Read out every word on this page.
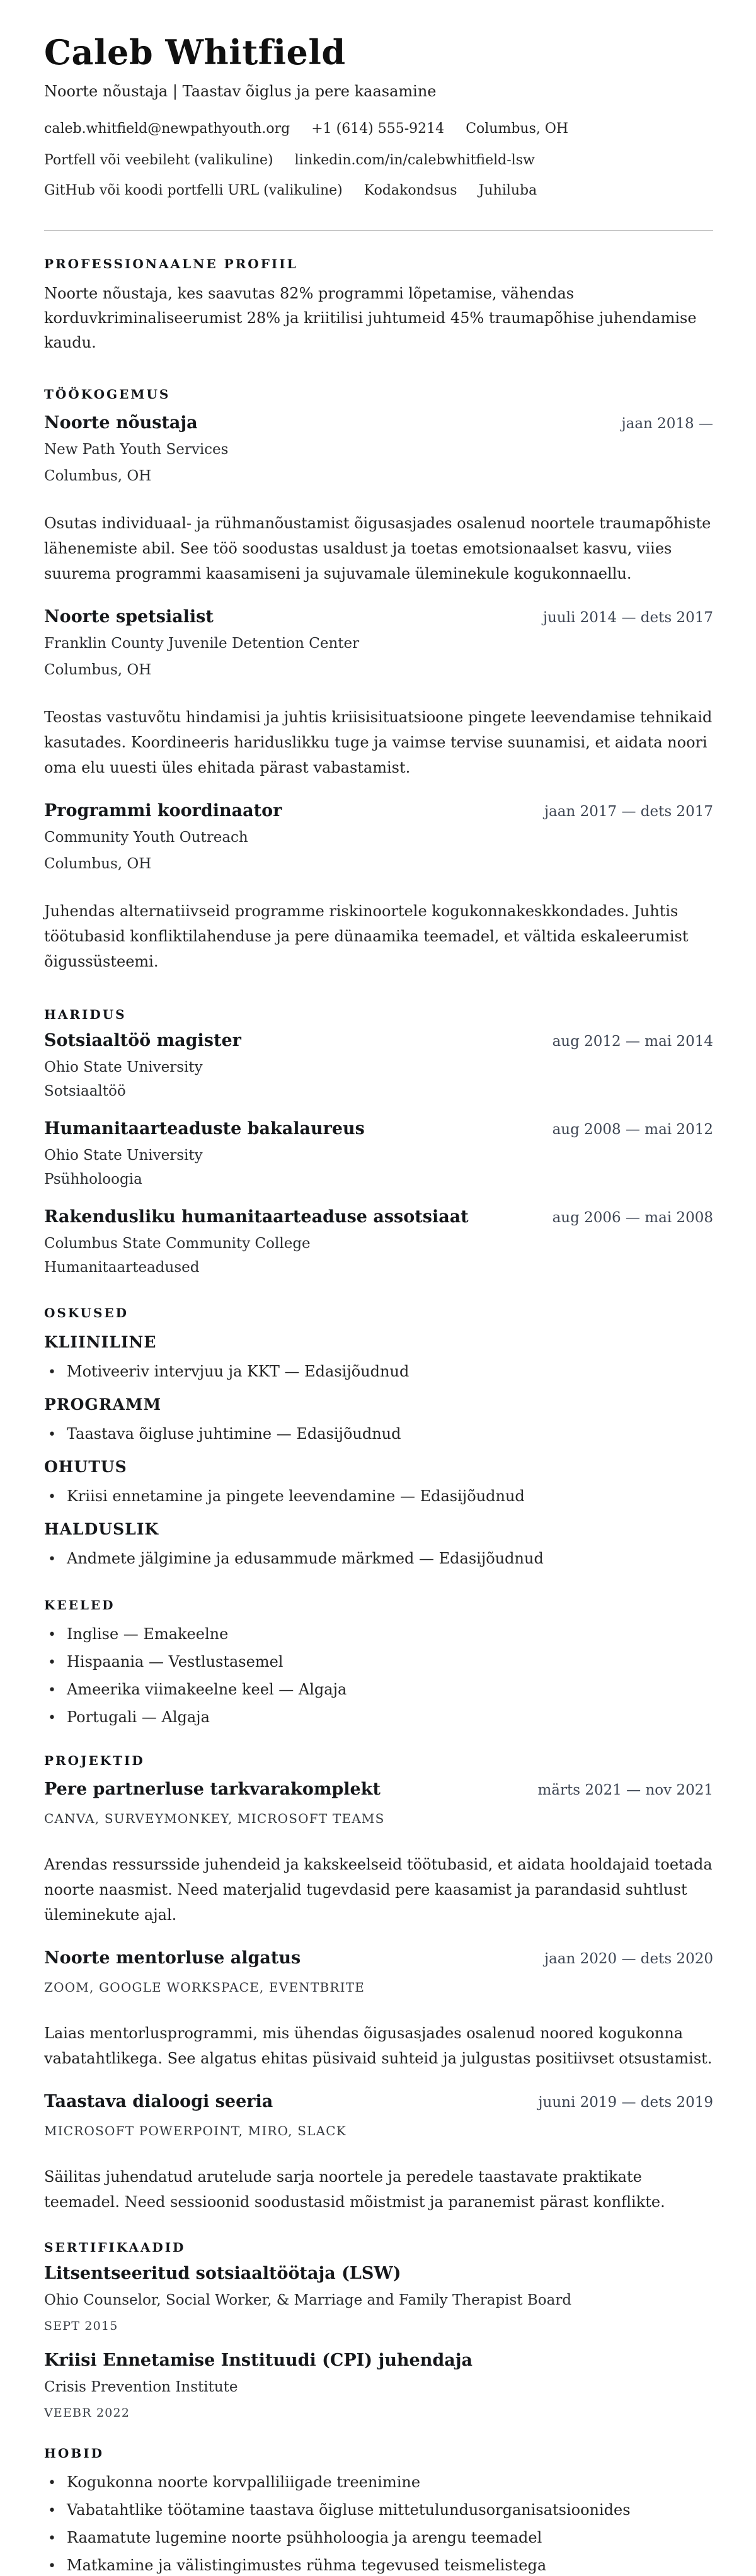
Caleb Whitfield
Noorte nõustaja | Taastav õiglus ja pere kaasamine
caleb.whitfield@newpathyouth.org +1 (614) 555-9214 Columbus, OH
Portfell või veebileht (valikuline) linkedin.com/in/calebwhitfield-lsw
GitHub või koodi portfelli URL (valikuline) Kodakondsus Juhiluba
PROFESSIONAALNE PROFIIL
Noorte nõustaja, kes saavutas 82% programmi lõpetamise, vähendas korduvkriminaliseerumist 28% ja kriitilisi juhtumeid 45% traumapõhise juhendamise kaudu.
TÖÖKOGEMUS
Noorte nõustaja	jaan 2018 —
New Path Youth Services
Columbus, OH
Osutas individuaal- ja rühmanõustamist õigusasjades osalenud noortele traumapõhiste lähenemiste abil. See töö soodustas usaldust ja toetas emotsionaalset kasvu, viies suurema programmi kaasamiseni ja sujuvamale üleminekule kogukonnaellu.
Noorte spetsialist	juuli 2014 — dets 2017
Franklin County Juvenile Detention Center
Columbus, OH
Teostas vastuvõtu hindamisi ja juhtis kriisisituatsioone pingete leevendamise tehnikaid kasutades. Koordineeris hariduslikku tuge ja vaimse tervise suunamisi, et aidata noori oma elu uuesti üles ehitada pärast vabastamist.
Programmi koordinaator	jaan 2017 — dets 2017
Community Youth Outreach
Columbus, OH
Juhendas alternatiivseid programme riskinoortele kogukonnakeskkondades. Juhtis töötubasid konfliktilahenduse ja pere dünaamika teemadel, et vältida eskaleerumist õigussüsteemi.
HARIDUS
Sotsiaaltöö magister	aug 2012 — mai 2014
Ohio State University
Sotsiaaltöö
Humanitaarteaduste bakalaureus	aug 2008 — mai 2012
Ohio State University
Psühholoogia
Rakendusliku humanitaarteaduse assotsiaat	aug 2006 — mai 2008
Columbus State Community College
Humanitaarteadused
OSKUSED
KLIINILINE
• Motiveeriv intervjuu ja KKT — Edasijõudnud
PROGRAMM
• Taastava õigluse juhtimine — Edasijõudnud
OHUTUS
• Kriisi ennetamine ja pingete leevendamine — Edasijõudnud
HALDUSLIK
• Andmete jälgimine ja edusammude märkmed — Edasijõudnud
KEELED
• Inglise — Emakeelne
• Hispaania — Vestlustasemel
• Ameerika viimakeelne keel — Algaja
• Portugali — Algaja
PROJEKTID
Pere partnerluse tarkvarakomplekt	märts 2021 — nov 2021
CANVA, SURVEYMONKEY, MICROSOFT TEAMS
Arendas ressursside juhendeid ja kakskeelseid töötubasid, et aidata hooldajaid toetada noorte naasmist. Need materjalid tugevdasid pere kaasamist ja parandasid suhtlust üleminekute ajal.
Noorte mentorluse algatus	jaan 2020 — dets 2020
ZOOM, GOOGLE WORKSPACE, EVENTBRITE
Laias mentorlusprogrammi, mis ühendas õigusasjades osalenud noored kogukonna vabatahtlikega. See algatus ehitas püsivaid suhteid ja julgustas positiivset otsustamist.
Taastava dialoogi seeria	juuni 2019 — dets 2019
MICROSOFT POWERPOINT, MIRO, SLACK
Säilitas juhendatud arutelude sarja noortele ja peredele taastavate praktikate teemadel. Need sessioonid soodustasid mõistmist ja paranemist pärast konflikte.
SERTIFIKAADID
Litsentseeritud sotsiaaltöötaja (LSW)
Ohio Counselor, Social Worker, & Marriage and Family Therapist Board
SEPT 2015
Kriisi Ennetamise Instituudi (CPI) juhendaja
Crisis Prevention Institute
VEEBR 2022
HOBID
• Kogukonna noorte korvpalliliigade treenimine
• Vabatahtlike töötamine taastava õigluse mittetulundusorganisatsioonides
• Raamatute lugemine noorte psühholoogia ja arengu teemadel
• Matkamine ja välistingimustes rühma tegevused teismelistega
